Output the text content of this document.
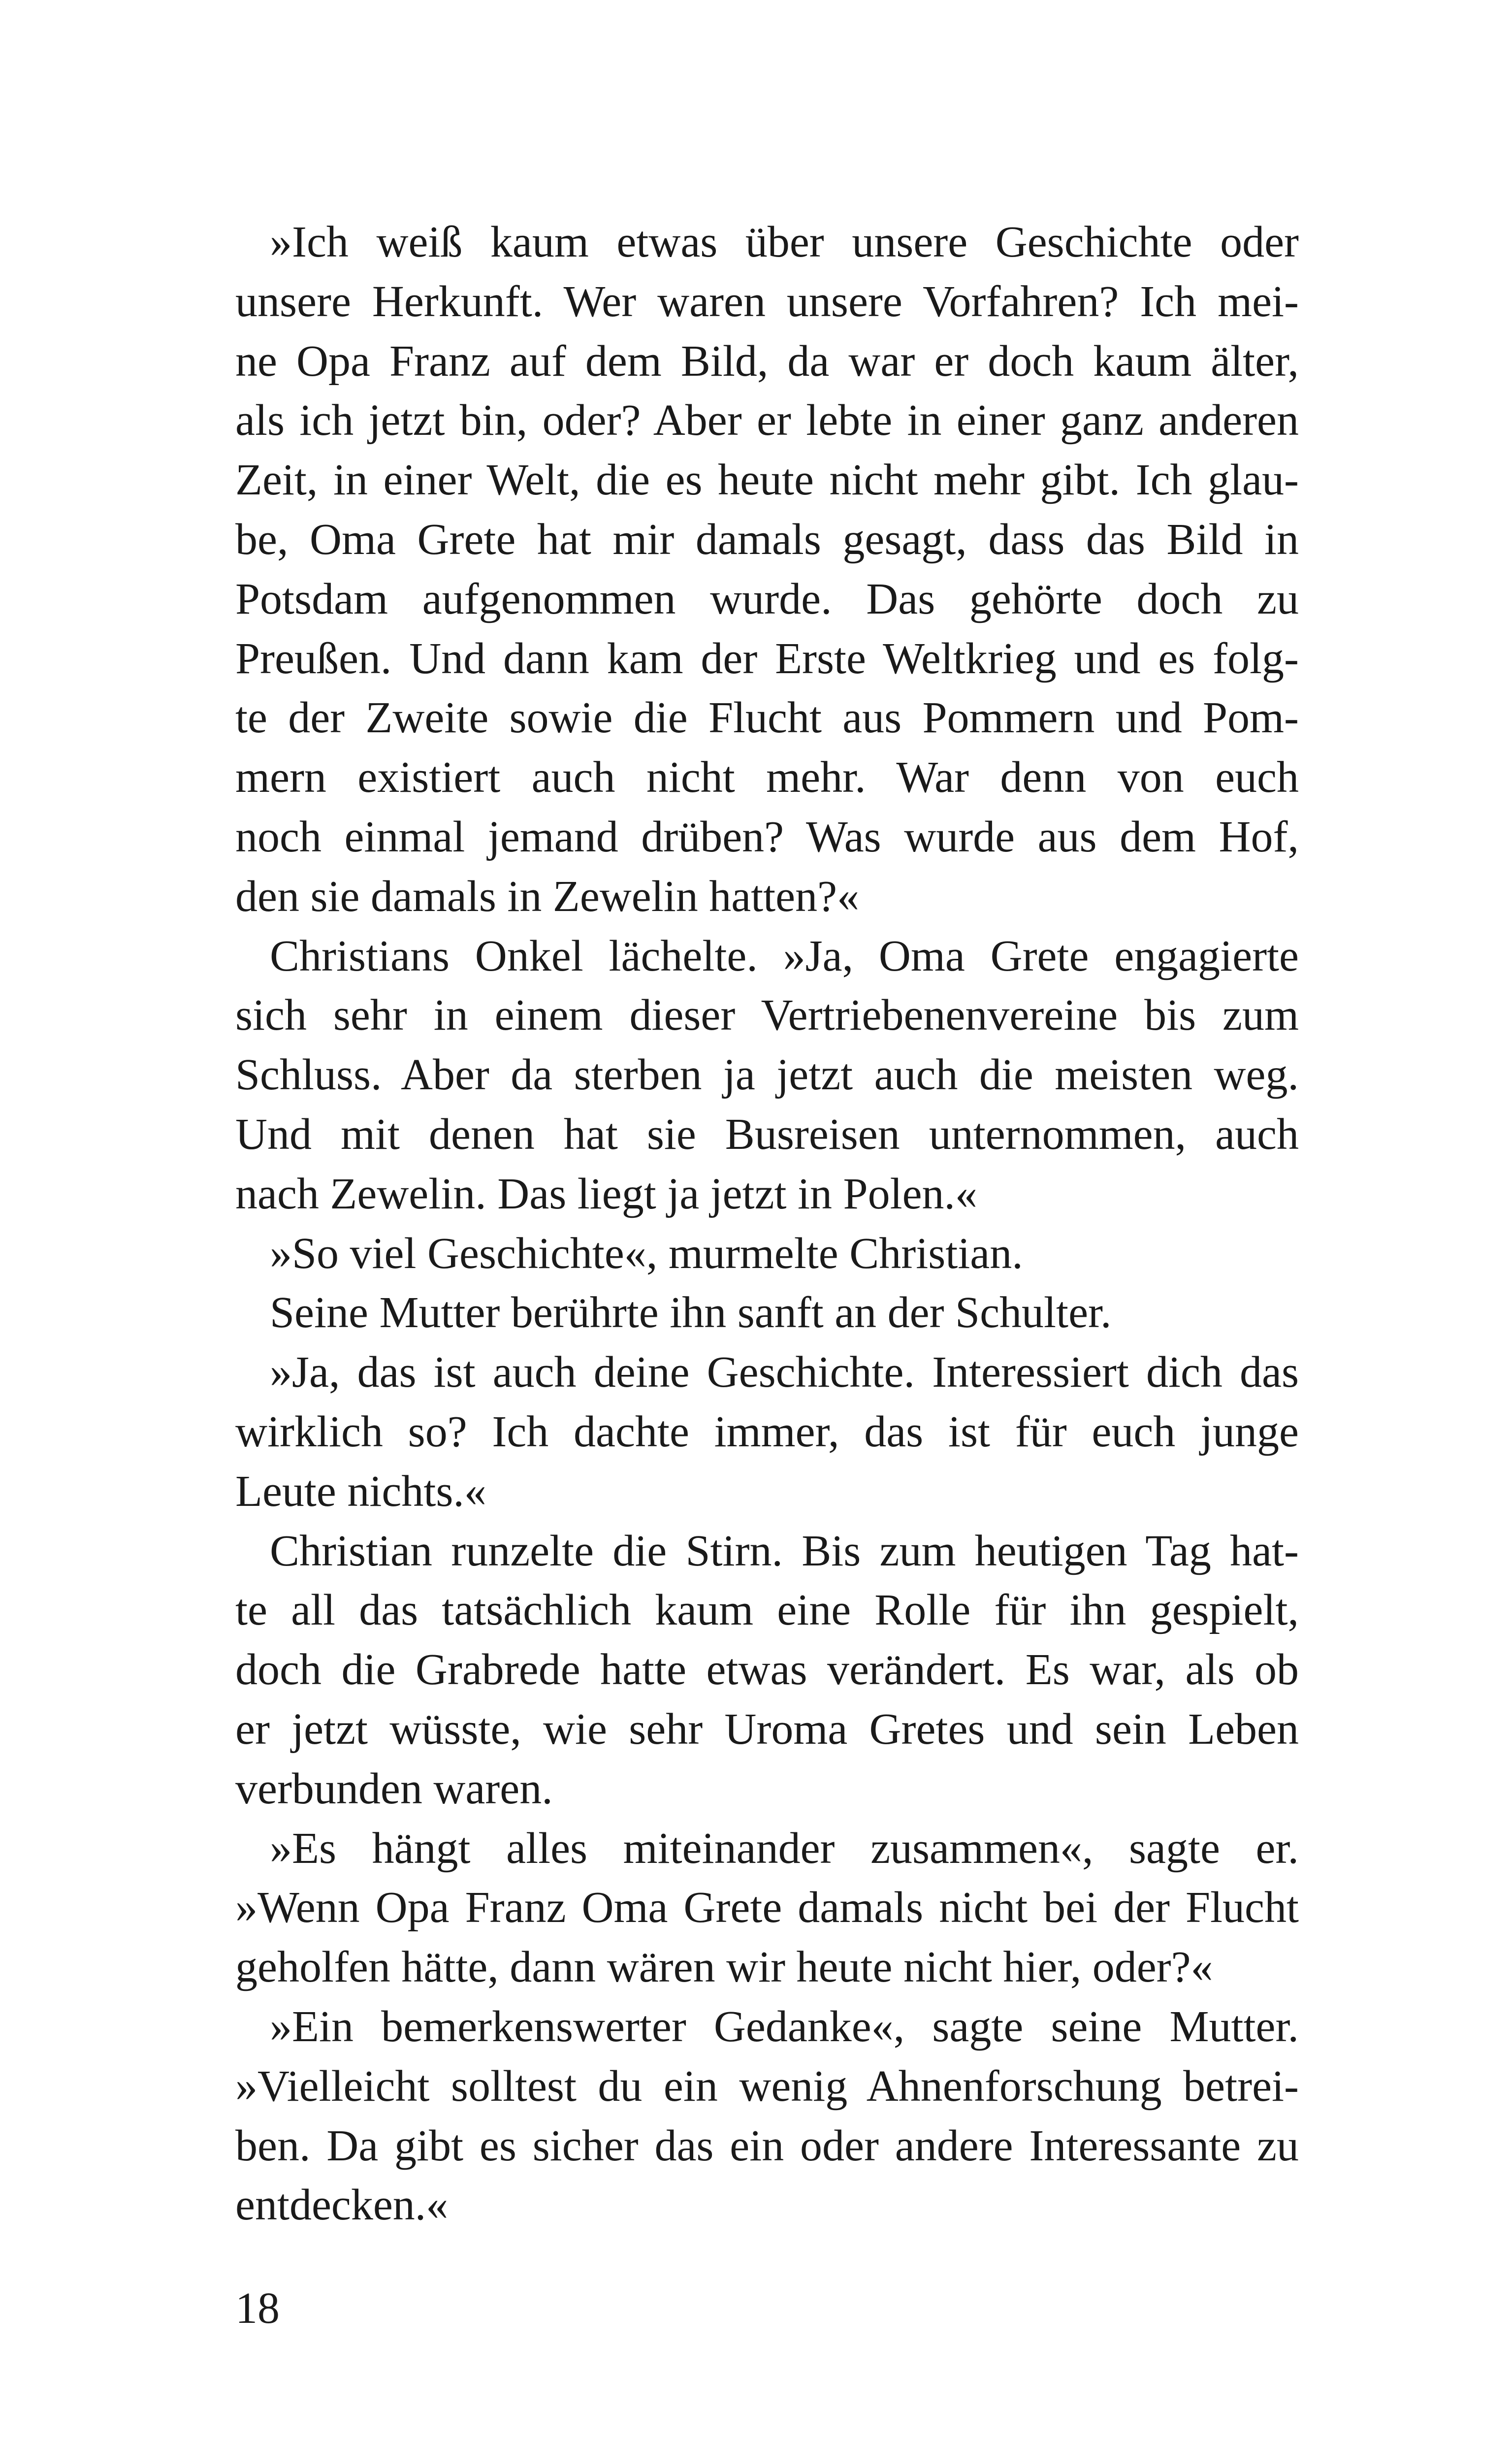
»Ich weiß kaum etwas über unsere Geschichte oder
unsere Herkunft. Wer waren unsere Vorfahren? Ich mei-
ne Opa Franz auf dem Bild, da war er doch kaum älter,
als ich jetzt bin, oder? Aber er lebte in einer ganz anderen
Zeit, in einer Welt, die es heute nicht mehr gibt. Ich glau-
be, Oma Grete hat mir damals gesagt, dass das Bild in
Potsdam aufgenommen wurde. Das gehörte doch zu
Preußen. Und dann kam der Erste Weltkrieg und es folg-
te der Zweite sowie die Flucht aus Pommern und Pom-
mern existiert auch nicht mehr. War denn von euch
noch einmal jemand drüben? Was wurde aus dem Hof,
den sie damals in Zewelin hatten?«
Christians Onkel lächelte. »Ja, Oma Grete engagierte
sich sehr in einem dieser Vertriebenenvereine bis zum
Schluss. Aber da sterben ja jetzt auch die meisten weg.
Und mit denen hat sie Busreisen unternommen, auch
nach Zewelin. Das liegt ja jetzt in Polen.«
»So viel Geschichte«, murmelte Christian.
Seine Mutter berührte ihn sanft an der Schulter.
»Ja, das ist auch deine Geschichte. Interessiert dich das
wirklich so? Ich dachte immer, das ist für euch junge
Leute nichts.«
Christian runzelte die Stirn. Bis zum heutigen Tag hat-
te all das tatsächlich kaum eine Rolle für ihn gespielt,
doch die Grabrede hatte etwas verändert. Es war, als ob
er jetzt wüsste, wie sehr Uroma Gretes und sein Leben
verbunden waren.
»Es hängt alles miteinander zusammen«, sagte er.
»Wenn Opa Franz Oma Grete damals nicht bei der Flucht
geholfen hätte, dann wären wir heute nicht hier, oder?«
»Ein bemerkenswerter Gedanke«, sagte seine Mutter.
»Vielleicht solltest du ein wenig Ahnenforschung betrei-
ben. Da gibt es sicher das ein oder andere Interessante zu
entdecken.«
18
